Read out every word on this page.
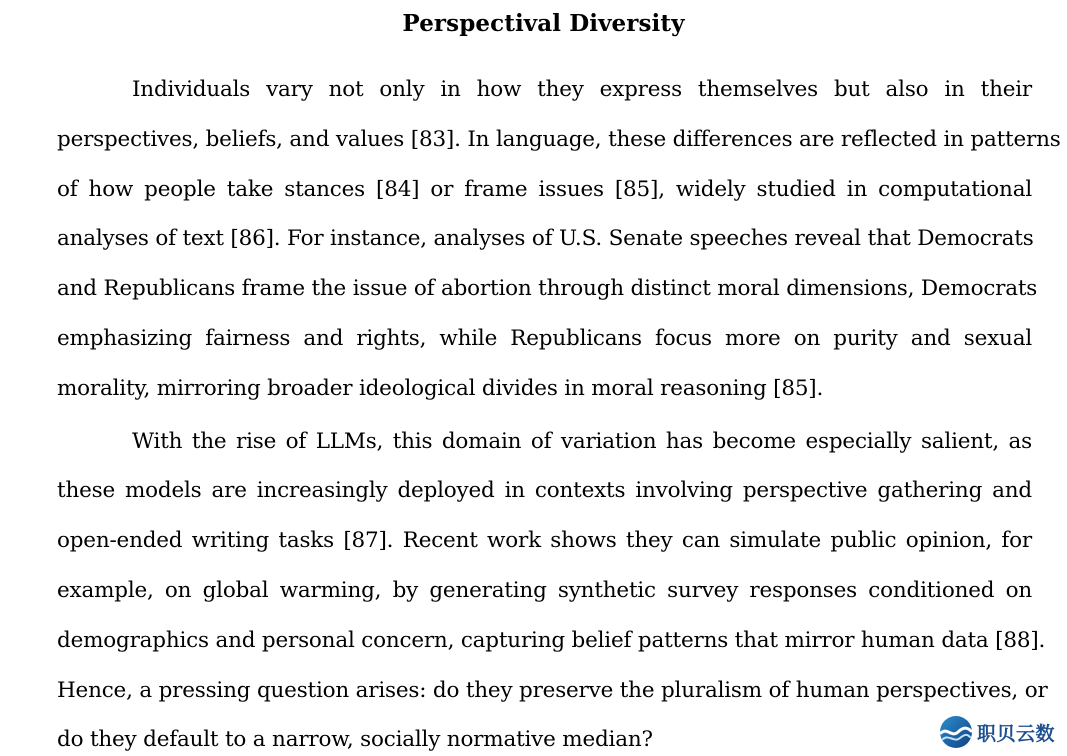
Perspectival Diversity

Individuals vary not only in how they express themselves but also in their

perspectives, beliefs, and values [83]. In language, these differences are reflected in patterns

of how people take stances [84] or frame issues [85], widely studied in computational

analyses of text [86]. For instance, analyses of U.S. Senate speeches reveal that Democrats

and Republicans frame the issue of abortion through distinct moral dimensions, Democrats

emphasizing fairness and rights, while Republicans focus more on purity and sexual

morality, mirroring broader ideological divides in moral reasoning [85].

With the rise of LLMs, this domain of variation has become especially salient, as

these models are increasingly deployed in contexts involving perspective gathering and

open-ended writing tasks [87]. Recent work shows they can simulate public opinion, for

example, on global warming, by generating synthetic survey responses conditioned on

demographics and personal concern, capturing belief patterns that mirror human data [88].

Hence, a pressing question arises: do they preserve the pluralism of human perspectives, or

do they default to a narrow, socially normative median?	职贝云数
